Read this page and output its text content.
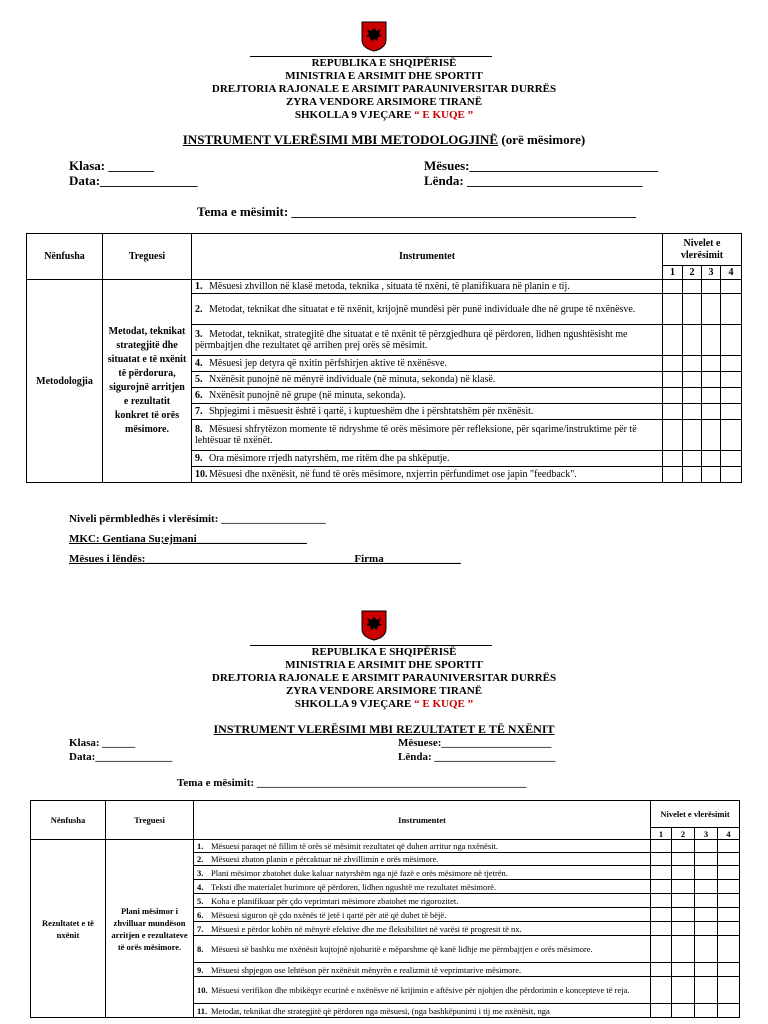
REPUBLIKA E SHQIPËRISË
MINISTRIA E ARSIMIT DHE SPORTIT
DREJTORIA RAJONALE E ARSIMIT PARAUNIVERSITAR DURRËS
ZYRA VENDORE ARSIMORE TIRANË
SHKOLLA 9 VJEÇARE “ E KUQE ”
INSTRUMENT VLERËSIMI MBI METODOLOGJINË (orë mësimore)
Klasa: _______
Data:_______________
Mësues:_____________________________
Lënda: ___________________________
Tema e mësimit: _____________________________________________________
Nënfusha	Treguesi	Instrumentet	Nivelet e vlerësimit			
			1	2	3	4
Metodologjia	Metodat, teknikat strategjitë dhe situatat e të nxënit të përdorura, sigurojnë arritjen e rezultatit konkret të orës mësimore.	1. Mësuesi zhvillon në klasë metoda, teknika , situata të nxëni, të planifikuara në planin e tij.				
		2. Metodat, teknikat dhe situatat e të nxënit, krijojnë mundësi për punë individuale dhe në grupe të nxënësve.				
		3. Metodat, teknikat, strategjitë dhe situatat e të nxënit të përzgjedhura që përdoren, lidhen ngushtësisht me përmbajtjen dhe rezultatet që arrihen prej orës së mësimit.				
		4. Mësuesi jep detyra që nxitin përfshirjen aktive të nxënësve.				
		5. Nxënësit punojnë në mënyrë individuale (në minuta, sekonda) në klasë.				
		6. Nxënësit punojnë në grupe (në minuta, sekonda).				
		7. Shpjegimi i mësuesit është i qartë, i kuptueshëm dhe i përshtatshëm për nxënësit.				
		8. Mësuesi shfrytëzon momente të ndryshme të orës mësimore për refleksione, për sqarime/instruktime për të lehtësuar të nxënët.				
		9. Ora mësimore rrjedh natyrshëm, me ritëm dhe pa shkëputje.				
		10. Mësuesi dhe nxënësit, në fund të orës mësimore, nxjerrin përfundimet ose japin "feedback".				
Niveli përmbledhës i vlerësimit: ___________________
MKC: Gentiana Su;ejmani____________________
Mësues i lëndës:______________________________________Firma______________
REPUBLIKA E SHQIPËRISË
MINISTRIA E ARSIMIT DHE SPORTIT
DREJTORIA RAJONALE E ARSIMIT PARAUNIVERSITAR DURRËS
ZYRA VENDORE ARSIMORE TIRANË
SHKOLLA 9 VJEÇARE “ E KUQE ”
INSTRUMENT VLERËSIMI MBI REZULTATET E TË NXËNIT
Klasa: ______
Data:______________
Mësuese:____________________
Lënda: ______________________
Tema e mësimit: _________________________________________________
Nënfusha	Treguesi	Instrumentet	Nivelet e vlerësimit			
			1	2	3	4
Rezultatet e të nxënit	Plani mësimor i zhvilluar mundëson arritjen e rezultateve të orës mësimore.	1. Mësuesi paraqet në fillim të orës së mësimit rezultatet që duhen arritur nga nxënësit.				
		2. Mësuesi zbaton planin e përcaktuar në zhvillimin e orës mësimore.				
		3. Plani mësimor zbatohet duke kaluar natyrshëm nga një fazë e orës mësimore në tjetrën.				
		4. Teksti dhe materialet burimore që përdoren, lidhen ngushtë me rezultatet mësimorë.				
		5. Koha e planifikuar për çdo veprimtari mësimore zbatohet me rigorozitet.				
		6. Mësuesi siguron që çdo nxënës të jetë i qartë për atë që duhet të bëjë.				
		7. Mësuesi e përdor kohën në mënyrë efektive dhe me fleksibilitet në varësi të progresit të nx.				
		8. Mësuesi së bashku me nxënësit kujtojnë njohuritë e mëparshme që kanë lidhje me përmbajtjen e orës mësimore.				
		9. Mësuesi shpjegon ose lehtëson për nxënësit mënyrën e realizmit të veprimtarive mësimore.				
		10. Mësuesi verifikon dhe mbikëqyr ecurinë e nxënësve në krijimin e aftësive për njohjen dhe përdorimin e koncepteve të reja.				
		11. Metodat, teknikat dhe strategjitë që përdoren nga mësuesi, (nga bashkëpunimi i tij me nxënësit, nga				
